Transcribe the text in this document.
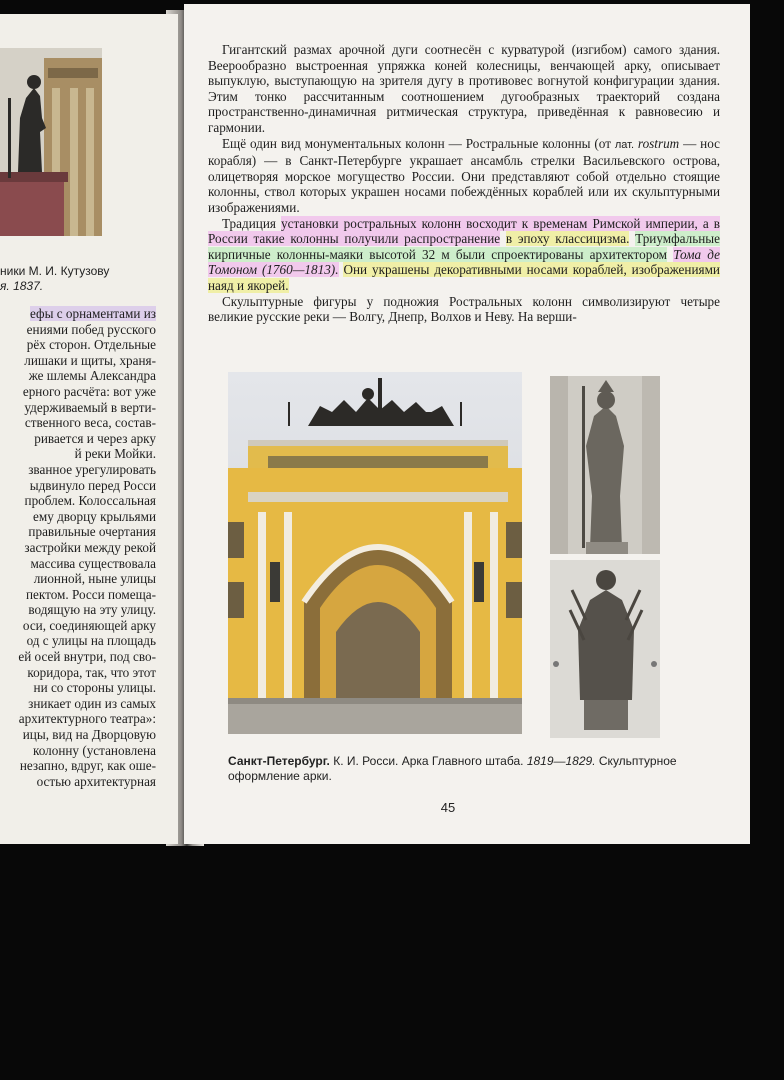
ники М. И. Кутузову
я. 1837.

ефы с орнаментами из

ениями побед русского

рёх сторон. Отдельные

лишаки и щиты, храня-

же шлемы Александра

ерного расчёта: вот уже

удерживаемый в верти-

ственного веса, состав-

ривается и через арку

й реки Мойки.

званное урегулировать

ыдвинуло перед Росси

проблем. Колоссальная

ему дворцу крыльями

правильные очертания

застройки между рекой

массива существовала

лионной, ныне улицы

пектом. Росси помеща-

водящую на эту улицу.

оси, соединяющей арку

од с улицы на площадь

ей осей внутри, под сво-

коридора, так, что этот

ни со стороны улицы.

зникает один из самых

архитектурного театра»:

ицы, вид на Дворцовую

колонну (установлена

незапно, вдруг, как оше-

остью архитектурная

Гигантский размах арочной дуги соотнесён с курватурой (изгибом) самого здания. Веерообразно выстроенная упряжка коней колесницы, венчающей арку, описывает выпуклую, выступающую на зрителя дугу в противовес вогнутой конфигурации здания. Этим тонко рассчитанным соотношением дугообразных траекторий создана пространственно-динамичная ритмическая структура, приведённая к равновесию и гармонии.

Ещё один вид монументальных колонн — Ростральные колонны (от лат. rostrum — нос корабля) — в Санкт-Петербурге украшает ансамбль стрелки Васильевского острова, олицетворяя морское могущество России. Они представляют собой отдельно стоящие колонны, ствол которых украшен носами побеждённых кораблей или их скульптурными изображениями.

Традиция установки ростральных колонн восходит к временам Римской империи, а в России такие колонны получили распространение в эпоху классицизма. Триумфальные кирпичные колонны-маяки высотой 32 м были спроектированы архитектором Тома де Томоном (1760—1813). Они украшены декоративными носами кораблей, изображениями наяд и якорей.

Скульптурные фигуры у подножия Ростральных колонн символизируют четыре великие русские реки — Волгу, Днепр, Волхов и Неву. На верши-

Санкт-Петербург. К. И. Росси. Арка Главного штаба. 1819—1829. Скульптурное оформление арки.
45
